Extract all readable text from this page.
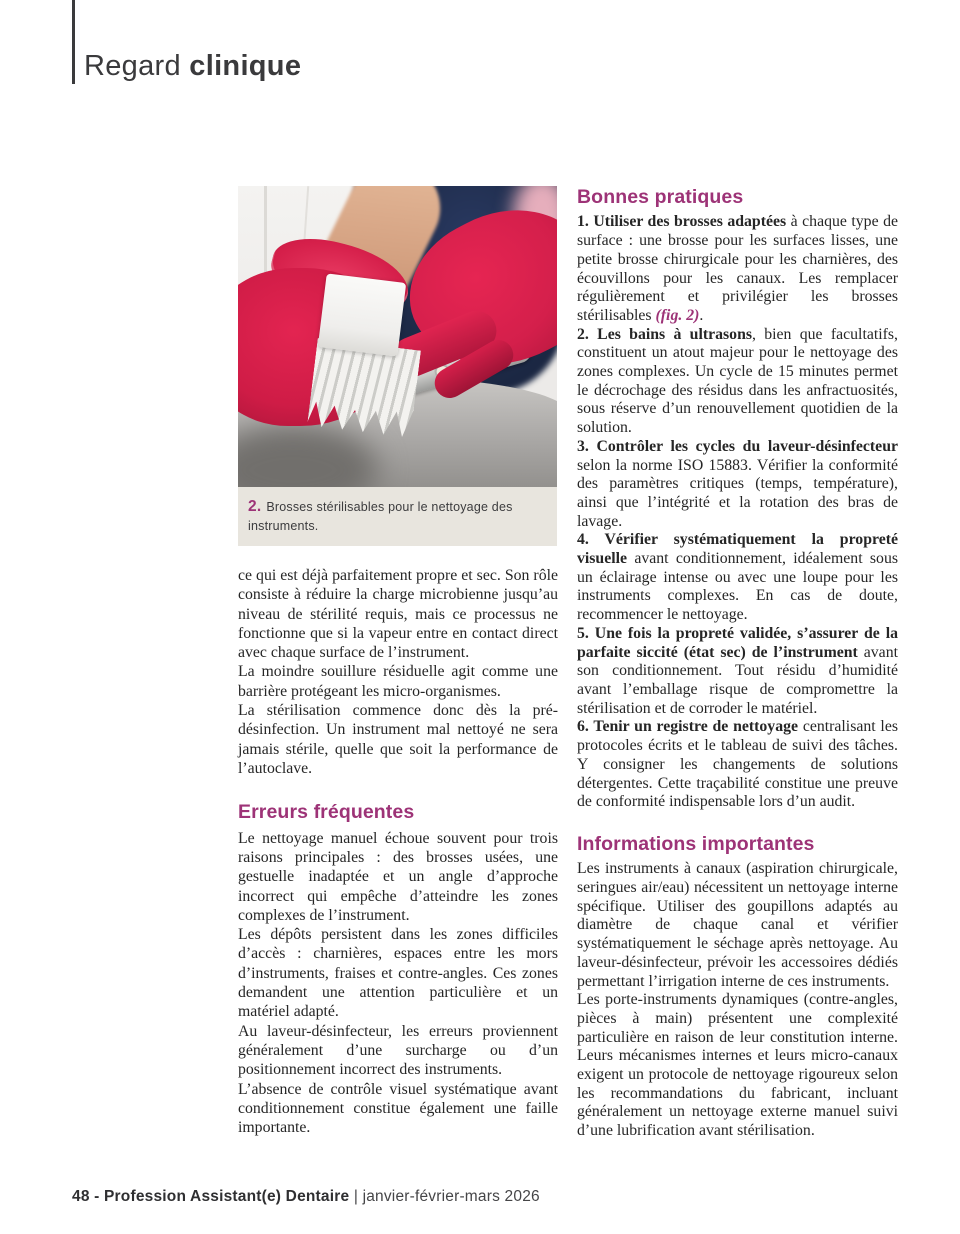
Regard clinique
2. Brosses stérilisables pour le nettoyage des instruments.

ce qui est déjà parfaitement propre et sec. Son rôle consiste à réduire la charge microbienne jusqu’au niveau de stérilité requis, mais ce processus ne fonctionne que si la vapeur entre en contact direct avec chaque surface de l’instrument.

La moindre souillure résiduelle agit comme une barrière protégeant les micro-organismes.

La stérilisation commence donc dès la pré-désinfection. Un instrument mal nettoyé ne sera jamais stérile, quelle que soit la performance de l’autoclave.

Erreurs fréquentes

Le nettoyage manuel échoue souvent pour trois raisons principales : des brosses usées, une gestuelle inadaptée et un angle d’approche incorrect qui empêche d’atteindre les zones complexes de l’instrument.

Les dépôts persistent dans les zones difficiles d’accès : charnières, espaces entre les mors d’instruments, fraises et contre-angles. Ces zones demandent une attention particulière et un matériel adapté.

Au laveur-désinfecteur, les erreurs proviennent généralement d’une surcharge ou d’un positionnement incorrect des instruments.

L’absence de contrôle visuel systématique avant conditionnement constitue également une faille importante.

Bonnes pratiques

1. Utiliser des brosses adaptées à chaque type de surface : une brosse pour les surfaces lisses, une petite brosse chirurgicale pour les charnières, des écouvillons pour les canaux. Les remplacer régulièrement et privilégier les brosses stérilisables (fig. 2).

2. Les bains à ultrasons, bien que facultatifs, constituent un atout majeur pour le nettoyage des zones complexes. Un cycle de 15 minutes permet le décrochage des résidus dans les anfractuosités, sous réserve d’un renouvellement quotidien de la solution.

3. Contrôler les cycles du laveur-désinfecteur selon la norme ISO 15883. Vérifier la conformité des paramètres critiques (temps, température), ainsi que l’intégrité et la rotation des bras de lavage.

4. Vérifier systématiquement la propreté visuelle avant conditionnement, idéalement sous un éclairage intense ou avec une loupe pour les instruments complexes. En cas de doute, recommencer le nettoyage.

5. Une fois la propreté validée, s’assurer de la parfaite siccité (état sec) de l’instrument avant son conditionnement. Tout résidu d’humidité avant l’emballage risque de compromettre la stérilisation et de corroder le matériel.

6. Tenir un registre de nettoyage centralisant les protocoles écrits et le tableau de suivi des tâches. Y consigner les changements de solutions détergentes. Cette traçabilité constitue une preuve de conformité indispensable lors d’un audit.

Informations importantes

Les instruments à canaux (aspiration chirurgicale, seringues air/eau) nécessitent un nettoyage interne spécifique. Utiliser des goupillons adaptés au diamètre de chaque canal et vérifier systématiquement le séchage après nettoyage. Au laveur-désinfecteur, prévoir les accessoires dédiés permettant l’irrigation interne de ces instruments.

Les porte-instruments dynamiques (contre-angles, pièces à main) présentent une complexité particulière en raison de leur constitution interne. Leurs mécanismes internes et leurs micro-canaux exigent un protocole de nettoyage rigoureux selon les recommandations du fabricant, incluant généralement un nettoyage externe manuel suivi d’une lubrification avant stérilisation.

48 - Profession Assistant(e) Dentaire | janvier-février-mars 2026
